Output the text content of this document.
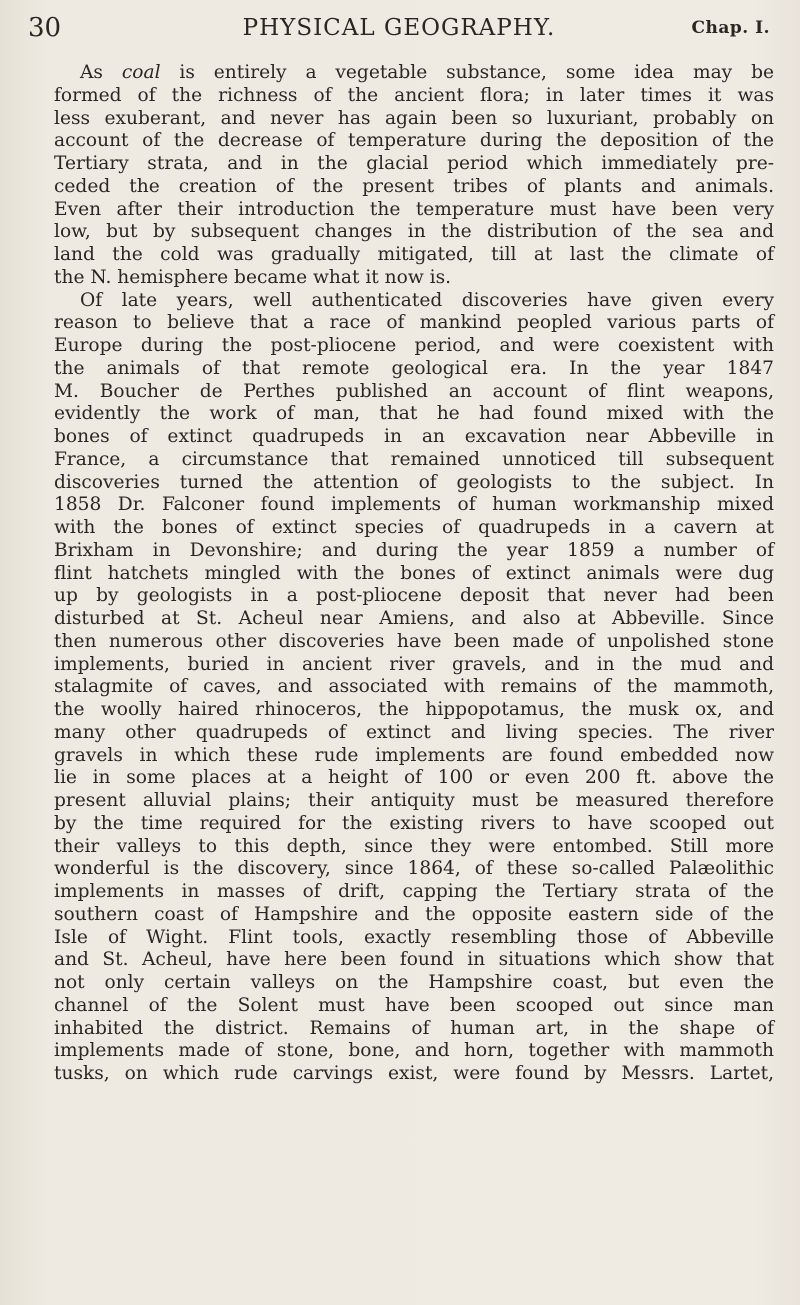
30	PHYSICAL GEOGRAPHY.	Chap. I.
As coal is entirely a vegetable substance, some idea may be
formed of the richness of the ancient flora; in later times it was
less exuberant, and never has again been so luxuriant, probably on
account of the decrease of temperature during the deposition of the
Tertiary strata, and in the glacial period which immediately pre-
ceded the creation of the present tribes of plants and animals.
Even after their introduction the temperature must have been very
low, but by subsequent changes in the distribution of the sea and
land the cold was gradually mitigated, till at last the climate of
the N. hemisphere became what it now is.
Of late years, well authenticated discoveries have given every
reason to believe that a race of mankind peopled various parts of
Europe during the post-pliocene period, and were coexistent with
the animals of that remote geological era. In the year 1847
M. Boucher de Perthes published an account of flint weapons,
evidently the work of man, that he had found mixed with the
bones of extinct quadrupeds in an excavation near Abbeville in
France, a circumstance that remained unnoticed till subsequent
discoveries turned the attention of geologists to the subject. In
1858 Dr. Falconer found implements of human workmanship mixed
with the bones of extinct species of quadrupeds in a cavern at
Brixham in Devonshire; and during the year 1859 a number of
flint hatchets mingled with the bones of extinct animals were dug
up by geologists in a post-pliocene deposit that never had been
disturbed at St. Acheul near Amiens, and also at Abbeville. Since
then numerous other discoveries have been made of unpolished stone
implements, buried in ancient river gravels, and in the mud and
stalagmite of caves, and associated with remains of the mammoth,
the woolly haired rhinoceros, the hippopotamus, the musk ox, and
many other quadrupeds of extinct and living species. The river
gravels in which these rude implements are found embedded now
lie in some places at a height of 100 or even 200 ft. above the
present alluvial plains; their antiquity must be measured therefore
by the time required for the existing rivers to have scooped out
their valleys to this depth, since they were entombed. Still more
wonderful is the discovery, since 1864, of these so-called Palæolithic
implements in masses of drift, capping the Tertiary strata of the
southern coast of Hampshire and the opposite eastern side of the
Isle of Wight. Flint tools, exactly resembling those of Abbeville
and St. Acheul, have here been found in situations which show that
not only certain valleys on the Hampshire coast, but even the
channel of the Solent must have been scooped out since man
inhabited the district. Remains of human art, in the shape of
implements made of stone, bone, and horn, together with mammoth
tusks, on which rude carvings exist, were found by Messrs. Lartet,
